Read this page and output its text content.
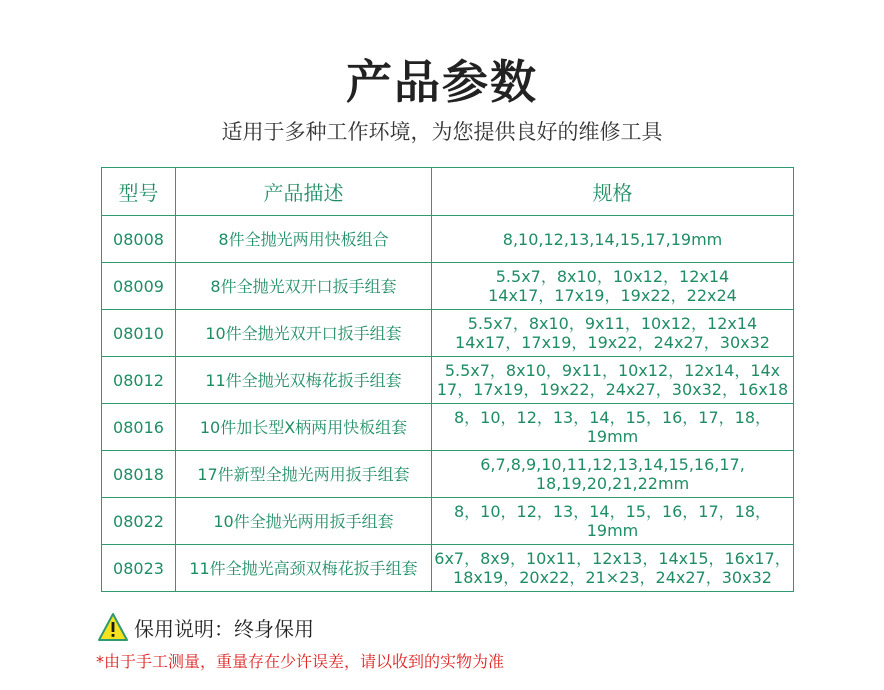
产品参数
适用于多种工作环境，为您提供良好的维修工具
型号	产品描述	规格
08008	8件全抛光两用快板组合	8,10,12,13,14,15,17,19mm

08009	8件全抛光双开口扳手组套	5.5x7，8x10，10x12，12x14
14x17，17x19，19x22，22x24

08010	10件全抛光双开口扳手组套	5.5x7，8x10，9x11，10x12，12x14
14x17，17x19，19x22，24x27，30x32

08012	11件全抛光双梅花扳手组套	5.5x7，8x10，9x11，10x12，12x14，14x
17，17x19，19x22，24x27，30x32，16x18

08016	10件加长型X柄两用快板组套	8，10，12，13，14，15，16，17，18，
19mm

08018	17件新型全抛光两用扳手组套	6,7,8,9,10,11,12,13,14,15,16,17,
18,19,20,21,22mm

08022	10件全抛光两用扳手组套	8，10，12，13，14，15，16，17，18，
19mm

08023	11件全抛光高颈双梅花扳手组套	6x7，8x9，10x11，12x13，14x15，16x17，
18x19，20x22，21×23，24x27，30x32
保用说明：终身保用
*由于手工测量，重量存在少许误差，请以收到的实物为准
